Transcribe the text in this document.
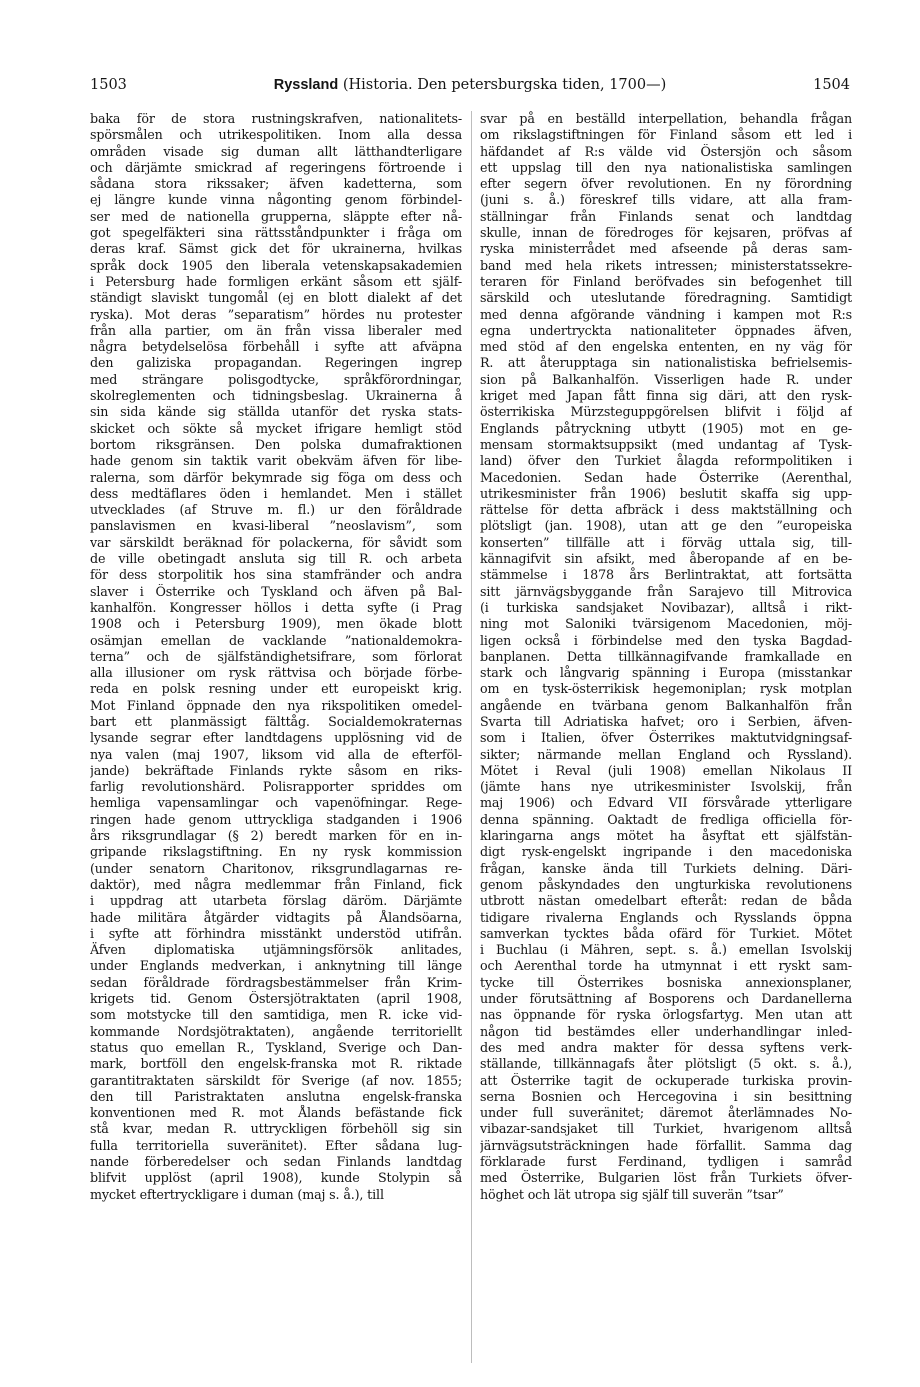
1503	Ryssland (Historia. Den petersburgska tiden, 1700—)	1504
baka för de stora rustningskrafven, nationalitets-
spörsmålen och utrikespolitiken. Inom alla dessa
områden visade sig duman allt lätthandterligare
och därjämte smickrad af regeringens förtroende i
sådana stora rikssaker; äfven kadetterna, som
ej längre kunde vinna någonting genom förbindel-
ser med de nationella grupperna, släppte efter nå-
got spegelfäkteri sina rättsståndpunkter i fråga om
deras kraf. Sämst gick det för ukrainerna, hvilkas
språk dock 1905 den liberala vetenskapsakademien
i Petersburg hade formligen erkänt såsom ett själf-
ständigt slaviskt tungomål (ej en blott dialekt af det
ryska). Mot deras ”separatism” hördes nu protester
från alla partier, om än från vissa liberaler med
några betydelselösa förbehåll i syfte att afväpna
den galiziska propagandan. Regeringen ingrep
med strängare polisgodtycke, språkförordningar,
skolreglementen och tidningsbeslag. Ukrainerna å
sin sida kände sig ställda utanför det ryska stats-
skicket och sökte så mycket ifrigare hemligt stöd
bortom riksgränsen. Den polska dumafraktionen
hade genom sin taktik varit obekväm äfven för libe-
ralerna, som därför bekymrade sig föga om dess och
dess medtäflares öden i hemlandet. Men i stället
utvecklades (af Struve m. fl.) ur den föråldrade
panslavismen en kvasi-liberal ”neoslavism”, som
var särskildt beräknad för polackerna, för såvidt som
de ville obetingadt ansluta sig till R. och arbeta
för dess storpolitik hos sina stamfränder och andra
slaver i Österrike och Tyskland och äfven på Bal-
kanhalfön. Kongresser höllos i detta syfte (i Prag
1908 och i Petersburg 1909), men ökade blott
osämjan emellan de vacklande ”nationaldemokra-
terna” och de själfständighetsifrare, som förlorat
alla illusioner om rysk rättvisa och började förbe-
reda en polsk resning under ett europeiskt krig.
Mot Finland öppnade den nya rikspolitiken omedel-
bart ett planmässigt fälttåg. Socialdemokraternas
lysande segrar efter landtdagens upplösning vid de
nya valen (maj 1907, liksom vid alla de efterföl-
jande) bekräftade Finlands rykte såsom en riks-
farlig revolutionshärd. Polisrapporter spriddes om
hemliga vapensamlingar och vapenöfningar. Rege-
ringen hade genom uttryckliga stadganden i 1906
års riksgrundlagar (§ 2) beredt marken för en in-
gripande rikslagstiftning. En ny rysk kommission
(under senatorn Charitonov, riksgrundlagarnas re-
daktör), med några medlemmar från Finland, fick
i uppdrag att utarbeta förslag däröm. Därjämte
hade militära åtgärder vidtagits på Ålandsöarna,
i syfte att förhindra misstänkt understöd utifrån.
Äfven diplomatiska utjämningsförsök anlitades,
under Englands medverkan, i anknytning till länge
sedan föråldrade fördragsbestämmelser från Krim-
krigets tid. Genom Östersjötraktaten (april 1908,
som motstycke till den samtidiga, men R. icke vid-
kommande Nordsjötraktaten), angående territoriellt
status quo emellan R., Tyskland, Sverige och Dan-
mark, bortföll den engelsk-franska mot R. riktade
garantitraktaten särskildt för Sverige (af nov. 1855;
den till Paristraktaten anslutna engelsk-franska
konventionen med R. mot Ålands befästande fick
stå kvar, medan R. uttryckligen förbehöll sig sin
fulla territoriella suveränitet). Efter sådana lug-
nande förberedelser och sedan Finlands landtdag
blifvit upplöst (april 1908), kunde Stolypin så
mycket eftertryckligare i duman (maj s. å.), till
svar på en beställd interpellation, behandla frågan
om rikslagstiftningen för Finland såsom ett led i
häfdandet af R:s välde vid Östersjön och såsom
ett uppslag till den nya nationalistiska samlingen
efter segern öfver revolutionen. En ny förordning
(juni s. å.) föreskref tills vidare, att alla fram-
ställningar från Finlands senat och landtdag
skulle, innan de föredroges för kejsaren, pröfvas af
ryska ministerrådet med afseende på deras sam-
band med hela rikets intressen; ministerstatssekre-
teraren för Finland beröfvades sin befogenhet till
särskild och uteslutande föredragning. Samtidigt
med denna afgörande vändning i kampen mot R:s
egna undertryckta nationaliteter öppnades äfven,
med stöd af den engelska ententen, en ny väg för
R. att återupptaga sin nationalistiska befrielsemis-
sion på Balkanhalfön. Visserligen hade R. under
kriget med Japan fått finna sig däri, att den rysk-
österrikiska Mürzsteguppgörelsen blifvit i följd af
Englands påtryckning utbytt (1905) mot en ge-
mensam stormaktsuppsikt (med undantag af Tysk-
land) öfver den Turkiet ålagda reformpolitiken i
Macedonien. Sedan hade Österrike (Aerenthal,
utrikesminister från 1906) beslutit skaffa sig upp-
rättelse för detta afbräck i dess maktställning och
plötsligt (jan. 1908), utan att ge den ”europeiska
konserten” tillfälle att i förväg uttala sig, till-
kännagifvit sin afsikt, med åberopande af en be-
stämmelse i 1878 års Berlintraktat, att fortsätta
sitt järnvägsbyggande från Sarajevo till Mitrovica
(i turkiska sandsjaket Novibazar), alltså i rikt-
ning mot Saloniki tvärsigenom Macedonien, möj-
ligen också i förbindelse med den tyska Bagdad-
banplanen. Detta tillkännagifvande framkallade en
stark och långvarig spänning i Europa (misstankar
om en tysk-österrikisk hegemoniplan; rysk motplan
angående en tvärbana genom Balkanhalfön från
Svarta till Adriatiska hafvet; oro i Serbien, äfven-
som i Italien, öfver Österrikes maktutvidgningsaf-
sikter; närmande mellan England och Ryssland).
Mötet i Reval (juli 1908) emellan Nikolaus II
(jämte hans nye utrikesminister Isvolskij, från
maj 1906) och Edvard VII försvårade ytterligare
denna spänning. Oaktadt de fredliga officiella för-
klaringarna angs mötet ha åsyftat ett själfstän-
digt rysk-engelskt ingripande i den macedoniska
frågan, kanske ända till Turkiets delning. Däri-
genom påskyndades den ungturkiska revolutionens
utbrott nästan omedelbart efteråt: redan de båda
tidigare rivalerna Englands och Rysslands öppna
samverkan tycktes båda ofärd för Turkiet. Mötet
i Buchlau (i Mähren, sept. s. å.) emellan Isvolskij
och Aerenthal torde ha utmynnat i ett ryskt sam-
tycke till Österrikes bosniska annexionsplaner,
under förutsättning af Bosporens och Dardanellerna
nas öppnande för ryska örlogsfartyg. Men utan att
någon tid bestämdes eller underhandlingar inled-
des med andra makter för dessa syftens verk-
ställande, tillkännagafs åter plötsligt (5 okt. s. å.),
att Österrike tagit de ockuperade turkiska provin-
serna Bosnien och Hercegovina i sin besittning
under full suveränitet; däremot återlämnades No-
vibazar-sandsjaket till Turkiet, hvarigenom alltså
järnvägsutsträckningen hade förfallit. Samma dag
förklarade furst Ferdinand, tydligen i samråd
med Österrike, Bulgarien löst från Turkiets öfver-
höghet och lät utropa sig själf till suverän ”tsar”
